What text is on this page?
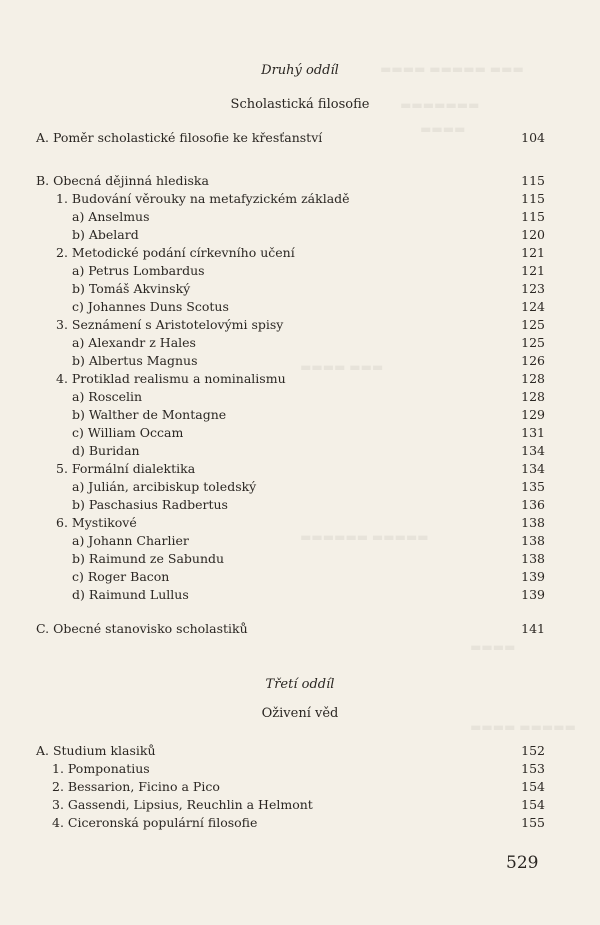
▬▬▬ ▬▬▬▬▬ ▬▬▬▬
▬▬▬▬▬▬▬
▬▬▬▬
▬▬▬ ▬▬▬▬
▬▬▬▬▬ ▬▬▬▬▬▬
▬▬▬▬
▬▬▬▬▬ ▬▬▬▬
Druhý oddíl
Scholastická filosofie
A. Poměr scholastické filosofie ke křesťanství	104
B. Obecná dějinná hlediska	115
1. Budování věrouky na metafyzickém základě	115
a) Anselmus	115
b) Abelard	120
2. Metodické podání církevního učení	121
a) Petrus Lombardus	121
b) Tomáš Akvinský	123
c) Johannes Duns Scotus	124
3. Seznámení s Aristotelovými spisy	125
a) Alexandr z Hales	125
b) Albertus Magnus	126
4. Protiklad realismu a nominalismu	128
a) Roscelin	128
b) Walther de Montagne	129
c) William Occam	131
d) Buridan	134
5. Formální dialektika	134
a) Julián, arcibiskup toledský	135
b) Paschasius Radbertus	136
6. Mystikové	138
a) Johann Charlier	138
b) Raimund ze Sabundu	138
c) Roger Bacon	139
d) Raimund Lullus	139
C. Obecné stanovisko scholastiků	141
Třetí oddíl
Oživení věd
A. Studium klasiků	152
1. Pomponatius	153
2. Bessarion, Ficino a Pico	154
3. Gassendi, Lipsius, Reuchlin a Helmont	154
4. Ciceronská populární filosofie	155
529
